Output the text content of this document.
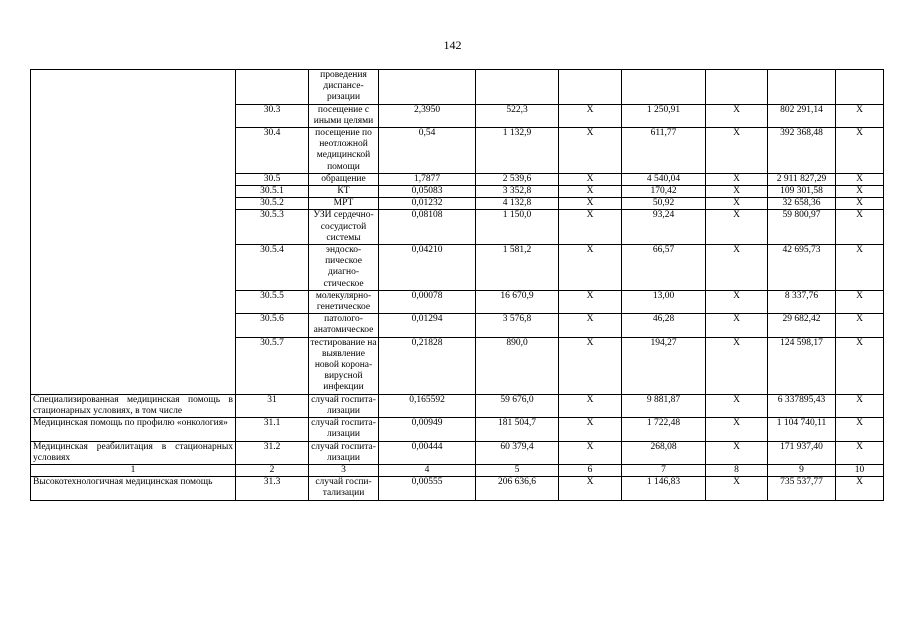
142
		проведения диспансе-ризации							
	30.3	посещение с иными целями	2,3950	522,3	X	1 250,91	X	802 291,14	X
	30.4	посещение по неотложной медицинской помощи	0,54	1 132,9	X	611,77	X	392 368,48	X
	30.5	обращение	1,7877	2 539,6	X	4 540,04	X	2 911 827,29	X
	30.5.1	КТ	0,05083	3 352,8	X	170,42	X	109 301,58	X
	30.5.2	МРТ	0,01232	4 132,8	X	50,92	X	32 658,36	X
	30.5.3	УЗИ сердечно-сосудистой системы	0,08108	1 150,0	X	93,24	X	59 800,97	X
	30.5.4	эндоско-пическое диагно-стическое	0,04210	1 581,2	X	66,57	X	42 695,73	X
	30.5.5	молекулярно-генетическое	0,00078	16 670,9	X	13,00	X	8 337,76	X
	30.5.6	патолого-анатомическое	0,01294	3 576,8	X	46,28	X	29 682,42	X
	30.5.7	тестирование на выявление новой корона-вирусной инфекции	0,21828	890,0	X	194,27	X	124 598,17	X
Специализированная медицинская помощь в стационарных условиях, в том числе	31	случай госпита-лизации	0,165592	59 676,0	X	9 881,87	X	6 337895,43	X
Медицинская помощь по профилю «онкология»	31.1	случай госпита-лизации	0,00949	181 504,7	X	1 722,48	X	1 104 740,11	X
Медицинская реабилитация в стационарных условиях	31.2	случай госпита-лизации	0,00444	60 379,4	X	268,08	X	171 937,40	X
1	2	3	4	5	6	7	8	9	10
Высокотехнологичная медицинская помощь	31.3	случай госпи-тализации	0,00555	206 636,6	X	1 146,83	X	735 537,77	X
